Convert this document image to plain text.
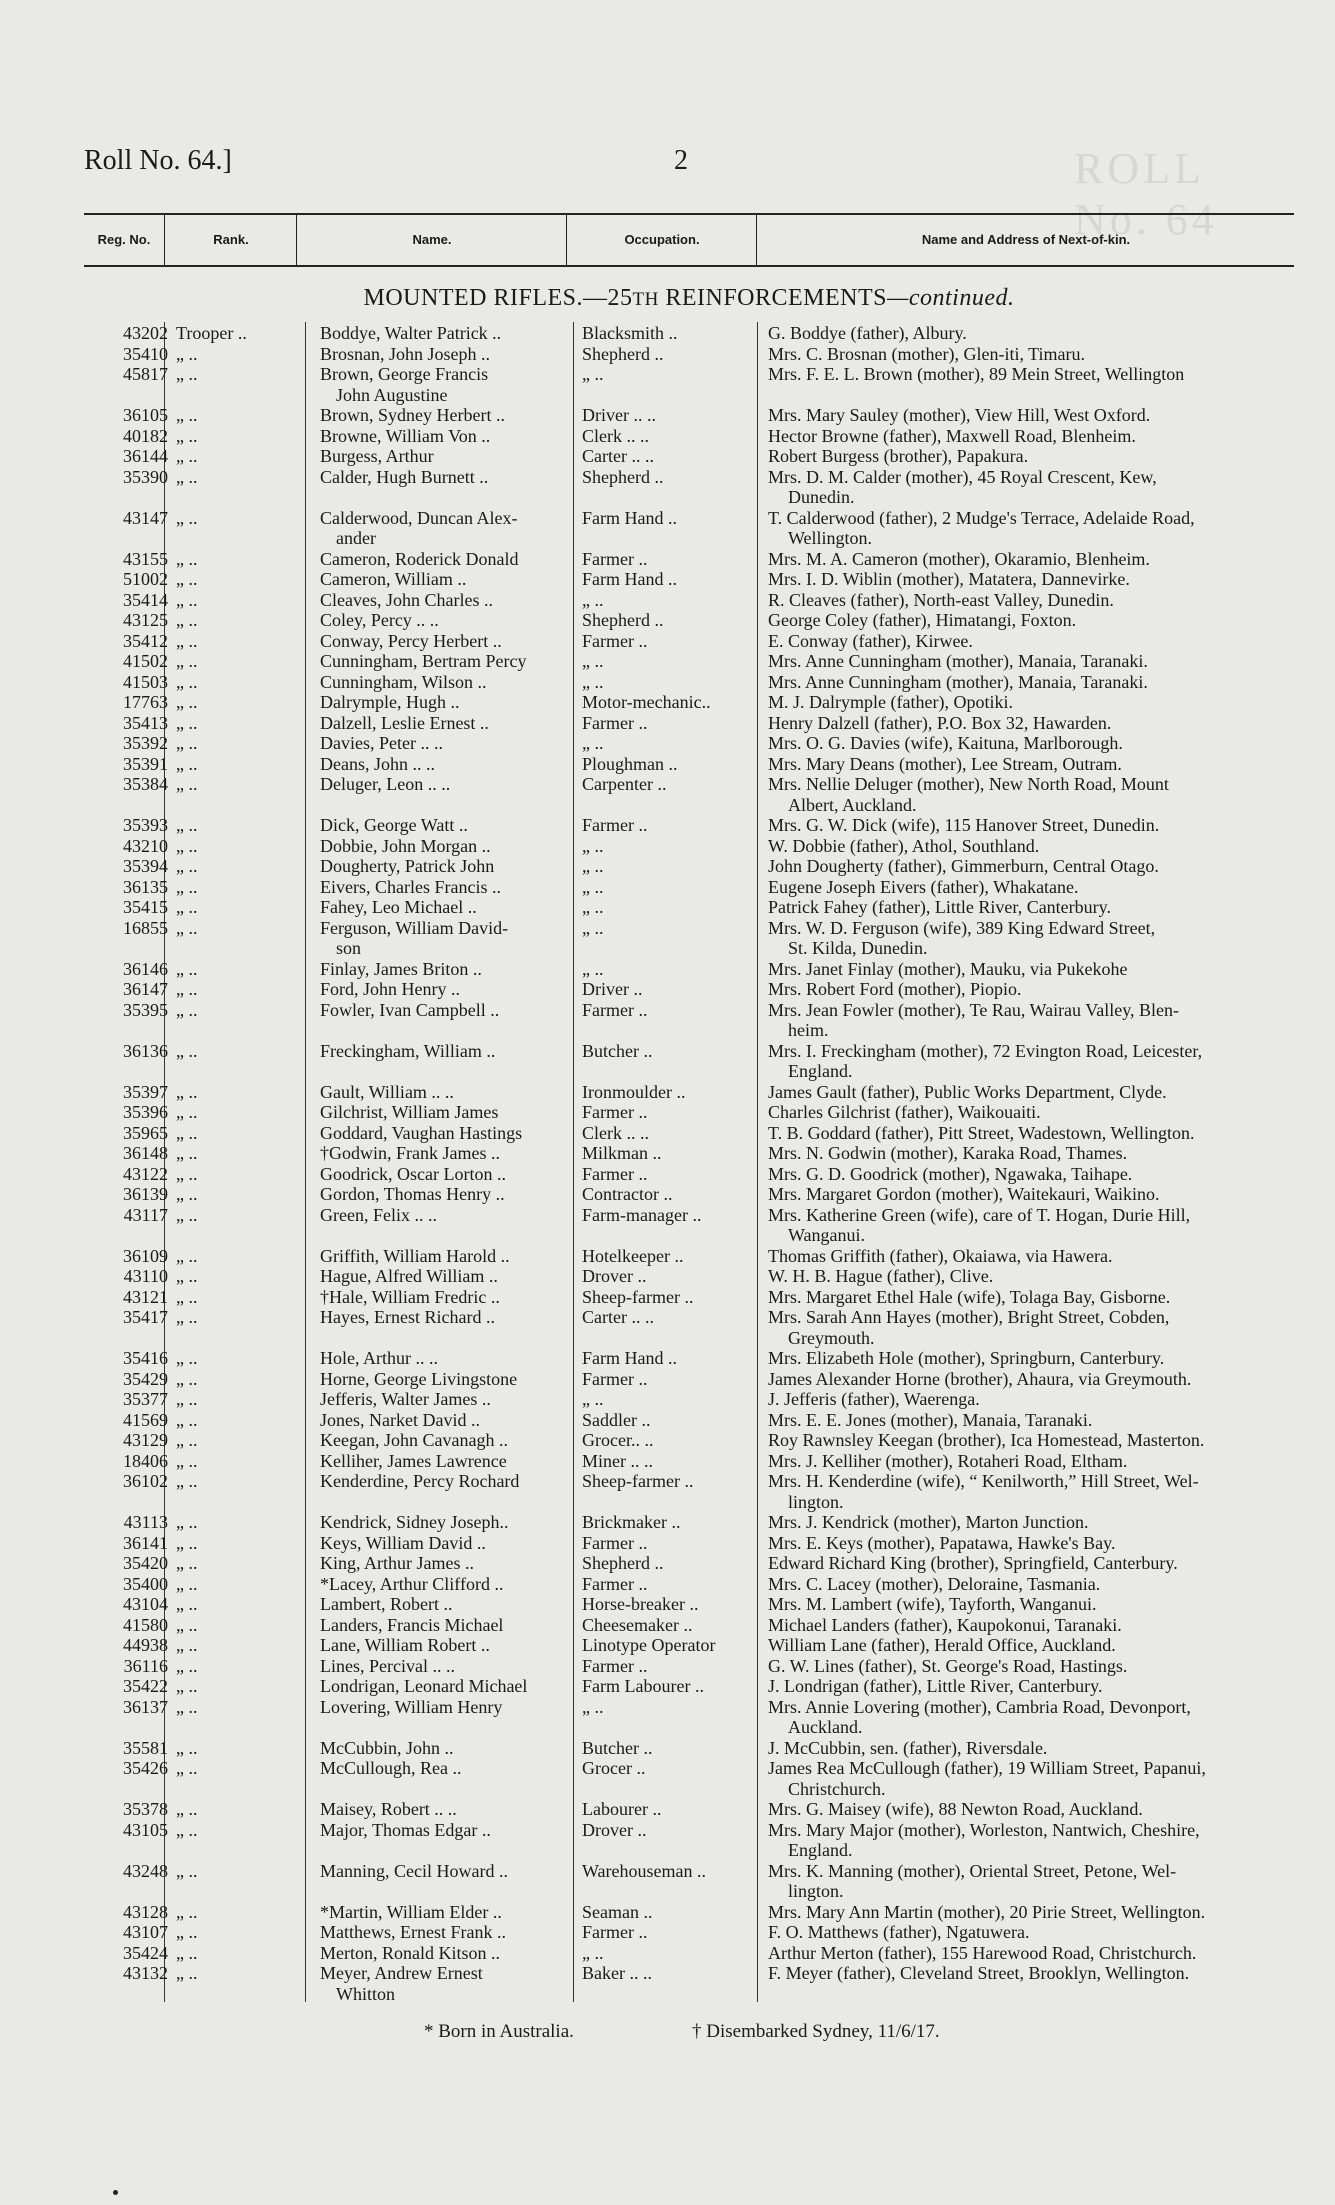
Roll No. 64.]	2	ROLL No. 64
Reg. No.	Rank.	Name.	Occupation.	Name and Address of Next-of-kin.
MOUNTED RIFLES.—25TH REINFORCEMENTS—continued.
43202 Trooper ..	Boddye, Walter Patrick ..	Blacksmith ..	G. Boddye (father), Albury.
35410 „ ..	Brosnan, John Joseph ..	Shepherd ..	Mrs. C. Brosnan (mother), Glen-iti, Timaru.
45817 „ ..	Brown, George Francis
John Augustine
„ ..	Mrs. F. E. L. Brown (mother), 89 Mein Street, Wellington
36105 „ ..	Brown, Sydney Herbert ..	Driver .. ..	Mrs. Mary Sauley (mother), View Hill, West Oxford.
40182 „ ..	Browne, William Von ..	Clerk .. ..	Hector Browne (father), Maxwell Road, Blenheim.
36144 „ ..	Burgess, Arthur	Carter .. ..	Robert Burgess (brother), Papakura.
35390 „ ..	Calder, Hugh Burnett ..	Shepherd ..	Mrs. D. M. Calder (mother), 45 Royal Crescent, Kew,
Dunedin.
43147 „ ..	Calderwood, Duncan Alex-
ander
Farm Hand ..	T. Calderwood (father), 2 Mudge's Terrace, Adelaide Road,
Wellington.
43155 „ ..	Cameron, Roderick Donald	Farmer ..	Mrs. M. A. Cameron (mother), Okaramio, Blenheim.
51002 „ ..	Cameron, William ..	Farm Hand ..	Mrs. I. D. Wiblin (mother), Matatera, Dannevirke.
35414 „ ..	Cleaves, John Charles ..	„ ..	R. Cleaves (father), North-east Valley, Dunedin.
43125 „ ..	Coley, Percy .. ..	Shepherd ..	George Coley (father), Himatangi, Foxton.
35412 „ ..	Conway, Percy Herbert ..	Farmer ..	E. Conway (father), Kirwee.
41502 „ ..	Cunningham, Bertram Percy	„ ..	Mrs. Anne Cunningham (mother), Manaia, Taranaki.
41503 „ ..	Cunningham, Wilson ..	„ ..	Mrs. Anne Cunningham (mother), Manaia, Taranaki.
17763 „ ..	Dalrymple, Hugh ..	Motor-mechanic..	M. J. Dalrymple (father), Opotiki.
35413 „ ..	Dalzell, Leslie Ernest ..	Farmer ..	Henry Dalzell (father), P.O. Box 32, Hawarden.
35392 „ ..	Davies, Peter .. ..	„ ..	Mrs. O. G. Davies (wife), Kaituna, Marlborough.
35391 „ ..	Deans, John .. ..	Ploughman ..	Mrs. Mary Deans (mother), Lee Stream, Outram.
35384 „ ..	Deluger, Leon .. ..	Carpenter ..	Mrs. Nellie Deluger (mother), New North Road, Mount
Albert, Auckland.
35393 „ ..	Dick, George Watt ..	Farmer ..	Mrs. G. W. Dick (wife), 115 Hanover Street, Dunedin.
43210 „ ..	Dobbie, John Morgan ..	„ ..	W. Dobbie (father), Athol, Southland.
35394 „ ..	Dougherty, Patrick John	„ ..	John Dougherty (father), Gimmerburn, Central Otago.
36135 „ ..	Eivers, Charles Francis ..	„ ..	Eugene Joseph Eivers (father), Whakatane.
35415 „ ..	Fahey, Leo Michael ..	„ ..	Patrick Fahey (father), Little River, Canterbury.
16855 „ ..	Ferguson, William David-
son
„ ..	Mrs. W. D. Ferguson (wife), 389 King Edward Street,
St. Kilda, Dunedin.
36146 „ ..	Finlay, James Briton ..	„ ..	Mrs. Janet Finlay (mother), Mauku, via Pukekohe
36147 „ ..	Ford, John Henry ..	Driver ..	Mrs. Robert Ford (mother), Piopio.
35395 „ ..	Fowler, Ivan Campbell ..	Farmer ..	Mrs. Jean Fowler (mother), Te Rau, Wairau Valley, Blen-
heim.
36136 „ ..	Freckingham, William ..	Butcher ..	Mrs. I. Freckingham (mother), 72 Evington Road, Leicester,
England.
35397 „ ..	Gault, William .. ..	Ironmoulder ..	James Gault (father), Public Works Department, Clyde.
35396 „ ..	Gilchrist, William James	Farmer ..	Charles Gilchrist (father), Waikouaiti.
35965 „ ..	Goddard, Vaughan Hastings	Clerk .. ..	T. B. Goddard (father), Pitt Street, Wadestown, Wellington.
36148 „ ..	†Godwin, Frank James ..	Milkman ..	Mrs. N. Godwin (mother), Karaka Road, Thames.
43122 „ ..	Goodrick, Oscar Lorton ..	Farmer ..	Mrs. G. D. Goodrick (mother), Ngawaka, Taihape.
36139 „ ..	Gordon, Thomas Henry ..	Contractor ..	Mrs. Margaret Gordon (mother), Waitekauri, Waikino.
43117 „ ..	Green, Felix .. ..	Farm-manager ..	Mrs. Katherine Green (wife), care of T. Hogan, Durie Hill,
Wanganui.
36109 „ ..	Griffith, William Harold ..	Hotelkeeper ..	Thomas Griffith (father), Okaiawa, via Hawera.
43110 „ ..	Hague, Alfred William ..	Drover ..	W. H. B. Hague (father), Clive.
43121 „ ..	†Hale, William Fredric ..	Sheep-farmer ..	Mrs. Margaret Ethel Hale (wife), Tolaga Bay, Gisborne.
35417 „ ..	Hayes, Ernest Richard ..	Carter .. ..	Mrs. Sarah Ann Hayes (mother), Bright Street, Cobden,
Greymouth.
35416 „ ..	Hole, Arthur .. ..	Farm Hand ..	Mrs. Elizabeth Hole (mother), Springburn, Canterbury.
35429 „ ..	Horne, George Livingstone	Farmer ..	James Alexander Horne (brother), Ahaura, via Greymouth.
35377 „ ..	Jefferis, Walter James ..	„ ..	J. Jefferis (father), Waerenga.
41569 „ ..	Jones, Narket David ..	Saddler ..	Mrs. E. E. Jones (mother), Manaia, Taranaki.
43129 „ ..	Keegan, John Cavanagh ..	Grocer.. ..	Roy Rawnsley Keegan (brother), Ica Homestead, Masterton.
18406 „ ..	Kelliher, James Lawrence	Miner .. ..	Mrs. J. Kelliher (mother), Rotaheri Road, Eltham.
36102 „ ..	Kenderdine, Percy Rochard	Sheep-farmer ..	Mrs. H. Kenderdine (wife), “ Kenilworth,” Hill Street, Wel-
lington.
43113 „ ..	Kendrick, Sidney Joseph..	Brickmaker ..	Mrs. J. Kendrick (mother), Marton Junction.
36141 „ ..	Keys, William David ..	Farmer ..	Mrs. E. Keys (mother), Papatawa, Hawke's Bay.
35420 „ ..	King, Arthur James ..	Shepherd ..	Edward Richard King (brother), Springfield, Canterbury.
35400 „ ..	*Lacey, Arthur Clifford ..	Farmer ..	Mrs. C. Lacey (mother), Deloraine, Tasmania.
43104 „ ..	Lambert, Robert ..	Horse-breaker ..	Mrs. M. Lambert (wife), Tayforth, Wanganui.
41580 „ ..	Landers, Francis Michael	Cheesemaker ..	Michael Landers (father), Kaupokonui, Taranaki.
44938 „ ..	Lane, William Robert ..	Linotype Operator	William Lane (father), Herald Office, Auckland.
36116 „ ..	Lines, Percival .. ..	Farmer ..	G. W. Lines (father), St. George's Road, Hastings.
35422 „ ..	Londrigan, Leonard Michael	Farm Labourer ..	J. Londrigan (father), Little River, Canterbury.
36137 „ ..	Lovering, William Henry	„ ..	Mrs. Annie Lovering (mother), Cambria Road, Devonport,
Auckland.
35581 „ ..	McCubbin, John ..	Butcher ..	J. McCubbin, sen. (father), Riversdale.
35426 „ ..	McCullough, Rea ..	Grocer ..	James Rea McCullough (father), 19 William Street, Papanui,
Christchurch.
35378 „ ..	Maisey, Robert .. ..	Labourer ..	Mrs. G. Maisey (wife), 88 Newton Road, Auckland.
43105 „ ..	Major, Thomas Edgar ..	Drover ..	Mrs. Mary Major (mother), Worleston, Nantwich, Cheshire,
England.
43248 „ ..	Manning, Cecil Howard ..	Warehouseman ..	Mrs. K. Manning (mother), Oriental Street, Petone, Wel-
lington.
43128 „ ..	*Martin, William Elder ..	Seaman ..	Mrs. Mary Ann Martin (mother), 20 Pirie Street, Wellington.
43107 „ ..	Matthews, Ernest Frank ..	Farmer ..	F. O. Matthews (father), Ngatuwera.
35424 „ ..	Merton, Ronald Kitson ..	„ ..	Arthur Merton (father), 155 Harewood Road, Christchurch.
43132 „ ..	Meyer, Andrew Ernest
Whitton
Baker .. ..	F. Meyer (father), Cleveland Street, Brooklyn, Wellington.
* Born in Australia.	† Disembarked Sydney, 11/6/17.
